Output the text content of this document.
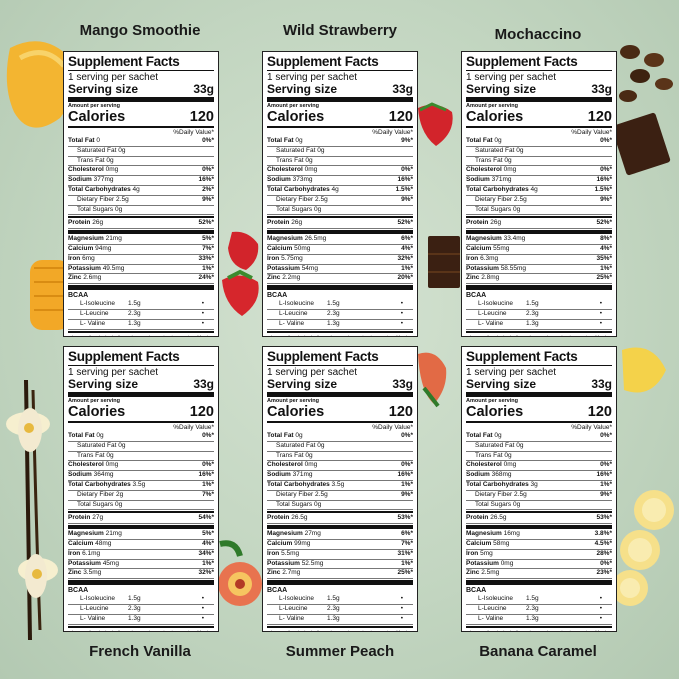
Mango Smoothie
Supplement Facts
1 serving per sachet
Serving size	33g
Amount per serving
Calories	120
%Daily Value*
Total Fat 0	0%*
Saturated Fat 0g
Trans Fat 0g
Cholesterol 0mg	0%*
Sodium 377mg	16%*
Total Carbohydrates 4g	2%*
Dietary Fiber 2.5g	9%*
Total Sugars 0g
Protein 26g	52%*
Magnesium 21mg	5%*
Calcium 94mg	7%*
Iron 6mg	33%*
Potassium 49.5mg	1%*
Zinc 2.6mg	24%*
BCAA
L-Isoleucine	1.5g	•
L-Leucine	2.3g	•
L- Valine	1.3g	•
Wild Strawberry
Supplement Facts
1 serving per sachet
Serving size	33g
Amount per serving
Calories	120
%Daily Value*
Total Fat 0g	9%*
Saturated Fat 0g
Trans Fat 0g
Cholesterol 0mg	0%*
Sodium 373mg	16%*
Total Carbohydrates 4g	1.5%*
Dietary Fiber 2.5g	9%*
Total Sugars 0g
Protein 26g	52%*
Magnesium 26.5mg	6%*
Calcium 50mg	4%*
Iron 5.75mg	32%*
Potassium 54mg	1%*
Zinc 2.2mg	20%*
BCAA
L-Isoleucine	1.5g	•
L-Leucine	2.3g	•
L- Valine	1.3g	•
Mochaccino
Supplement Facts
1 serving per sachet
Serving size	33g
Amount per serving
Calories	120
%Daily Value*
Total Fat 0g	0%*
Saturated Fat 0g
Trans Fat 0g
Cholesterol 0mg	0%*
Sodium 371mg	16%*
Total Carbohydrates 4g	1.5%*
Dietary Fiber 2.5g	9%*
Total Sugars 0g
Protein 26g	52%*
Magnesium 33.4mg	8%*
Calcium 55mg	4%*
Iron 6.3mg	35%*
Potassium 58.55mg	1%*
Zinc 2.8mg	25%*
BCAA
L-Isoleucine	1.5g	•
L-Leucine	2.3g	•
L- Valine	1.3g	•
French Vanilla
Supplement Facts
1 serving per sachet
Serving size	33g
Amount per serving
Calories	120
%Daily Value*
Total Fat 0g	0%*
Saturated Fat 0g
Trans Fat 0g
Cholesterol 0mg	0%*
Sodium 364mg	16%*
Total Carbohydrates 3.5g	1%*
Dietary Fiber 2g	7%*
Total Sugars 0g
Protein 27g	54%*
Magnesium 21mg	5%*
Calcium 48mg	4%*
Iron 6.1mg	34%*
Potassium 45mg	1%*
Zinc 3.5mg	32%*
BCAA
L-Isoleucine	1.5g	•
L-Leucine	2.3g	•
L- Valine	1.3g	•
Summer Peach
Supplement Facts
1 serving per sachet
Serving size	33g
Amount per serving
Calories	120
%Daily Value*
Total Fat 0g	0%*
Saturated Fat 0g
Trans Fat 0g
Cholesterol 0mg	0%*
Sodium 371mg	16%*
Total Carbohydrates 3.5g	1%*
Dietary Fiber 2.5g	9%*
Total Sugars 0g
Protein 26.5g	53%*
Magnesium 27mg	6%*
Calcium 99mg	7%*
Iron 5.5mg	31%*
Potassium 52.5mg	1%*
Zinc 2.7mg	25%*
BCAA
L-Isoleucine	1.5g	•
L-Leucine	2.3g	•
L- Valine	1.3g	•
Banana Caramel
Supplement Facts
1 serving per sachet
Serving size	33g
Amount per serving
Calories	120
%Daily Value*
Total Fat 0g	0%*
Saturated Fat 0g
Trans Fat 0g
Cholesterol 0mg	0%*
Sodium 368mg	16%*
Total Carbohydrates 3g	1%*
Dietary Fiber 2.5g	9%*
Total Sugars 0g
Protein 26.5g	53%*
Magnesium 16mg	3.8%*
Calcium 58mg	4.5%*
Iron 5mg	28%*
Potassium 0mg	0%*
Zinc 2.5mg	23%*
BCAA
L-Isoleucine	1.5g	•
L-Leucine	2.3g	•
L- Valine	1.3g	•
